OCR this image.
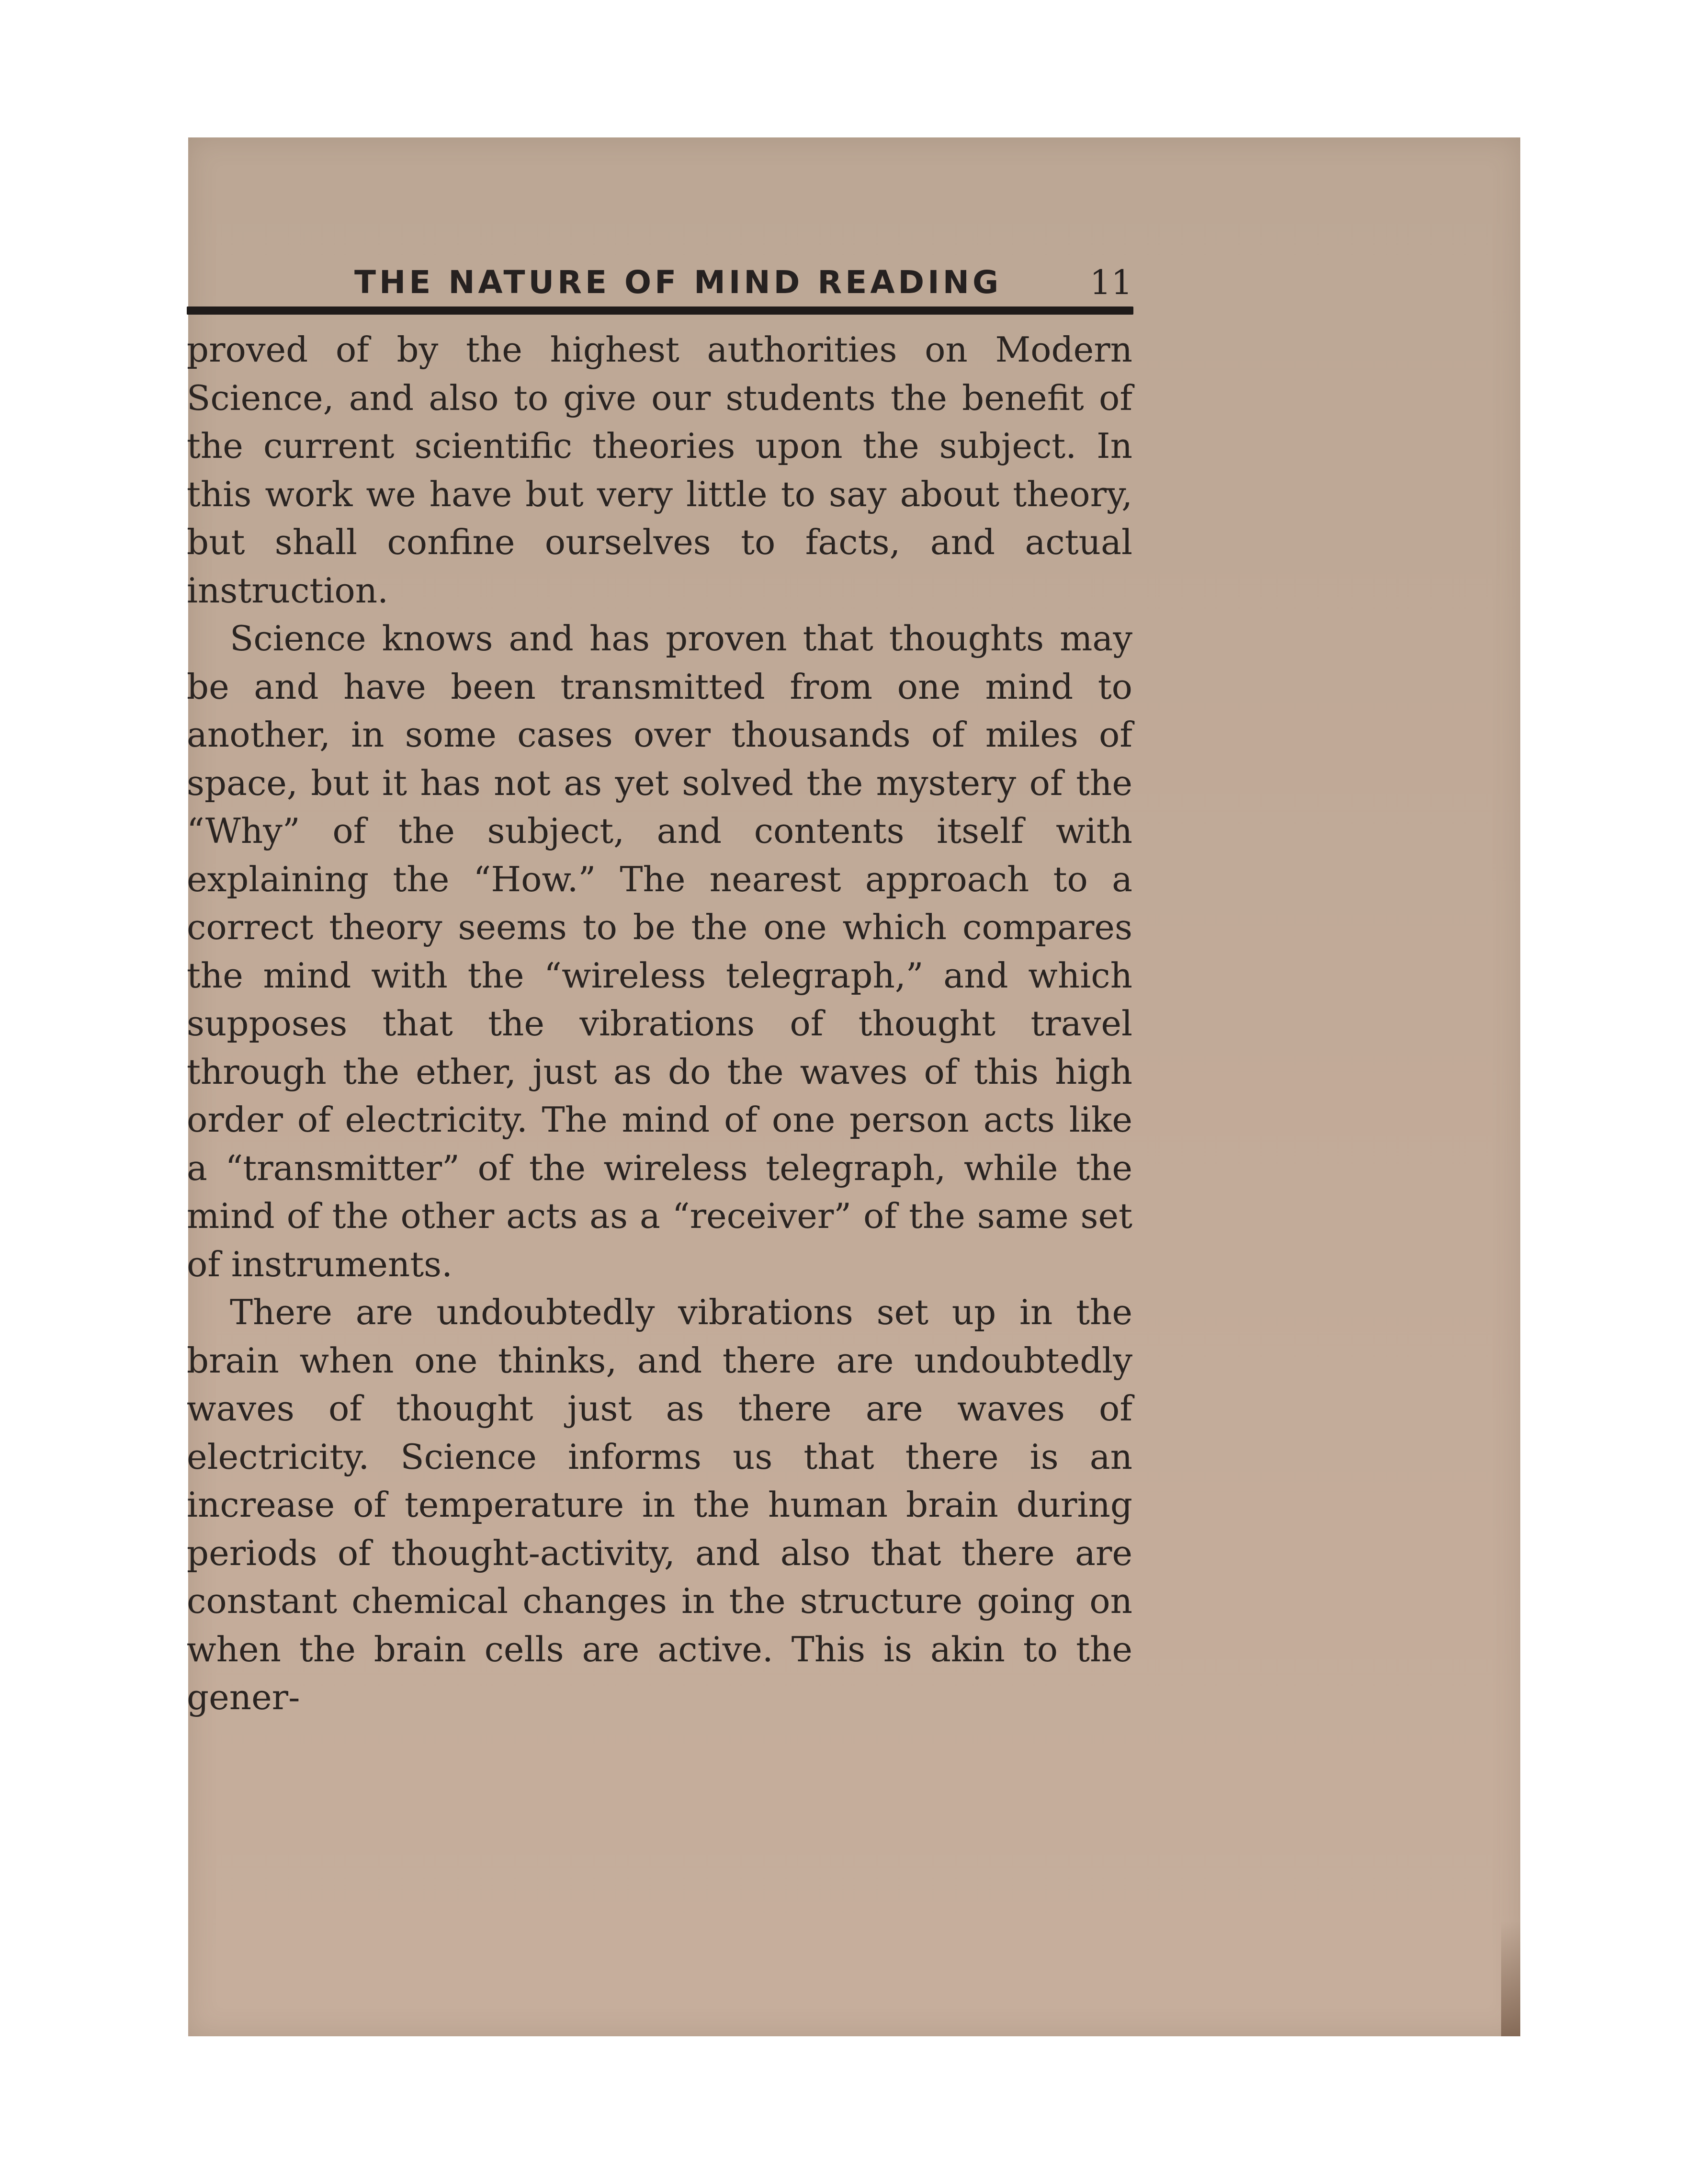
THE NATURE OF MIND READING	11

proved of by the highest authorities on Modern Science, and also to give our students the benefit of the current scientific theories upon the subject. In this work we have but very little to say about theory, but shall confine ourselves to facts, and actual instruction.

Science knows and has proven that thoughts may be and have been transmitted from one mind to another, in some cases over thousands of miles of space, but it has not as yet solved the mystery of the “Why” of the subject, and contents itself with explaining the “How.” The nearest approach to a correct theory seems to be the one which compares the mind with the “wireless telegraph,” and which supposes that the vibrations of thought travel through the ether, just as do the waves of this high order of electricity. The mind of one person acts like a “transmitter” of the wireless telegraph, while the mind of the other acts as a “receiver” of the same set of instruments.

There are undoubtedly vibrations set up in the brain when one thinks, and there are undoubtedly waves of thought just as there are waves of electricity. Science informs us that there is an increase of temperature in the human brain during periods of thought-activity, and also that there are constant chemical changes in the structure going on when the brain cells are active. This is akin to the gener-
